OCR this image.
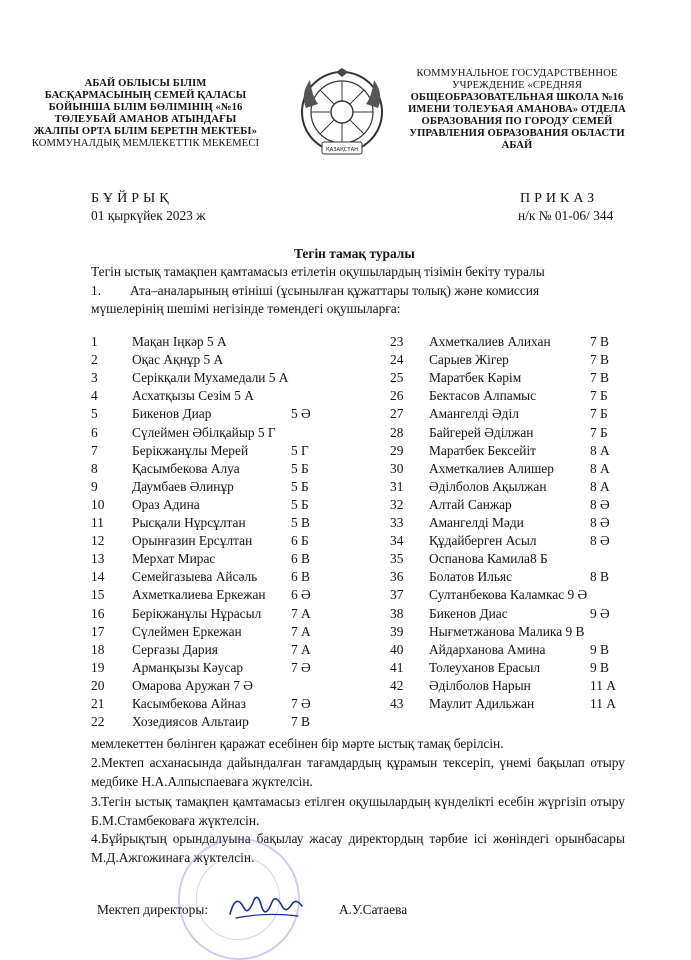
АБАЙ ОБЛЫСЫ БІЛІМ
БАСҚАРМАСЫНЫҢ СЕМЕЙ ҚАЛАСЫ
БОЙЫНША БІЛІМ БӨЛІМІНІҢ «№16
ТӨЛЕУБАЙ АМАНОВ АТЫНДАҒЫ
ЖАЛПЫ ОРТА БІЛІМ БЕРЕТІН МЕКТЕБІ»
КОММУНАЛДЫҚ МЕМЛЕКЕТТІК МЕКЕМЕСІ
ҚАЗАҚСТАН
КОММУНАЛЬНОЕ ГОСУДАРСТВЕННОЕ
УЧРЕЖДЕНИЕ «СРЕДНЯЯ
ОБЩЕОБРАЗОВАТЕЛЬНАЯ ШКОЛА №16
ИМЕНИ ТОЛЕУБАЯ АМАНОВА» ОТДЕЛА
ОБРАЗОВАНИЯ ПО ГОРОДУ СЕМЕЙ
УПРАВЛЕНИЯ ОБРАЗОВАНИЯ ОБЛАСТИ
АБАЙ
БҰЙРЫҚ
01 қыркүйек 2023 ж
ПРИКАЗ
н/к № 01-06/ 344
Тегін тамақ туралы
Тегін ыстық тамақпен қамтамасыз етілетін оқушылардың тізімін бекіту туралы
1. Ата–аналарының өтініші (ұсынылған құжаттары толық) және комиссия
мүшелерінің шешімі негізінде төмендегі оқушыларға:
1	Мақан Іңкәр 5 А
2	Оқас Ақнұр 5 А
3	Серікқали Мухамедали 5 А
4	Асхатқызы Сезім 5 А
5	Бикенов Диар	5 Ә
6	Сүлеймен Әбілқайыр 5 Г
7	Берікжанұлы Мерей	5 Г
8	Қасымбекова Алуа	5 Б
9	Даумбаев Әлинұр	5 Б
10 Ораз Адина	5 Б
11 Рысқали Нұрсұлтан	5 В
12 Орынғазин Ерсұлтан	6 Б
13 Мерхат Мирас	6 В
14 Семейгазыева Айсәль	6 В
15 Ахметкалиева Еркежан 6 Ә
16 Берікжанұлы Нұрасыл 7 А
17 Сүлеймен Еркежан	7 А
18 Серғазы Дария	7 А
19 Арманқызы Кәусар	7 Ә
20 Омарова Аружан 7 Ә
21 Касымбекова Айназ	7 Ә
22 Хозедиясов Альтаир	7 В
23 Ахметкалиев Алихан	7 В
24 Сарыев Жігер	7 В
25 Маратбек Кәрім	7 В
26 Бектасов Алпамыс	7 Б
27 Амангелді Әділ	7 Б
28 Байгерей Әділжан	7 Б
29 Маратбек Бексейіт	8 А
30 Ахметкалиев Алишер	8 А
31 Әділболов Ақылжан	8 А
32 Алтай Санжар	8 Ә
33 Амангелді Мәди	8 Ә
34 Құдайберген Асыл	8 Ә
35 Оспанова Камила8 Б
36 Болатов Ильяс	8 В
37 Султанбекова Каламкас 9 Ә
38 Бикенов Диас	9 Ә
39 Нығметжанова Малика 9 В
40 Айдарханова Амина	9 В
41 Толеуханов Ерасыл	9 В
42 Әділболов Нарын	11 А
43 Маулит Адильжан	11 А
мемлекеттен бөлінген қаражат есебінен бір мәрте ыстық тамақ берілсін.
2.Мектеп асханасында дайындалған тағамдардың құрамын тексеріп, үнемі бақылап отыру медбике Н.А.Алпыспаеваға жүктелсін.
3.Тегін ыстық тамақпен қамтамасыз етілген оқушылардың күнделікті есебін жүргізіп отыру Б.М.Стамбековаға жүктелсін.
4.Бұйрықтың орындалуына бақылау жасау директордың тәрбие ісі жөніндегі орынбасары М.Д.Ажгожинаға жүктелсін.
Мектеп директоры:	А.У.Сатаева
